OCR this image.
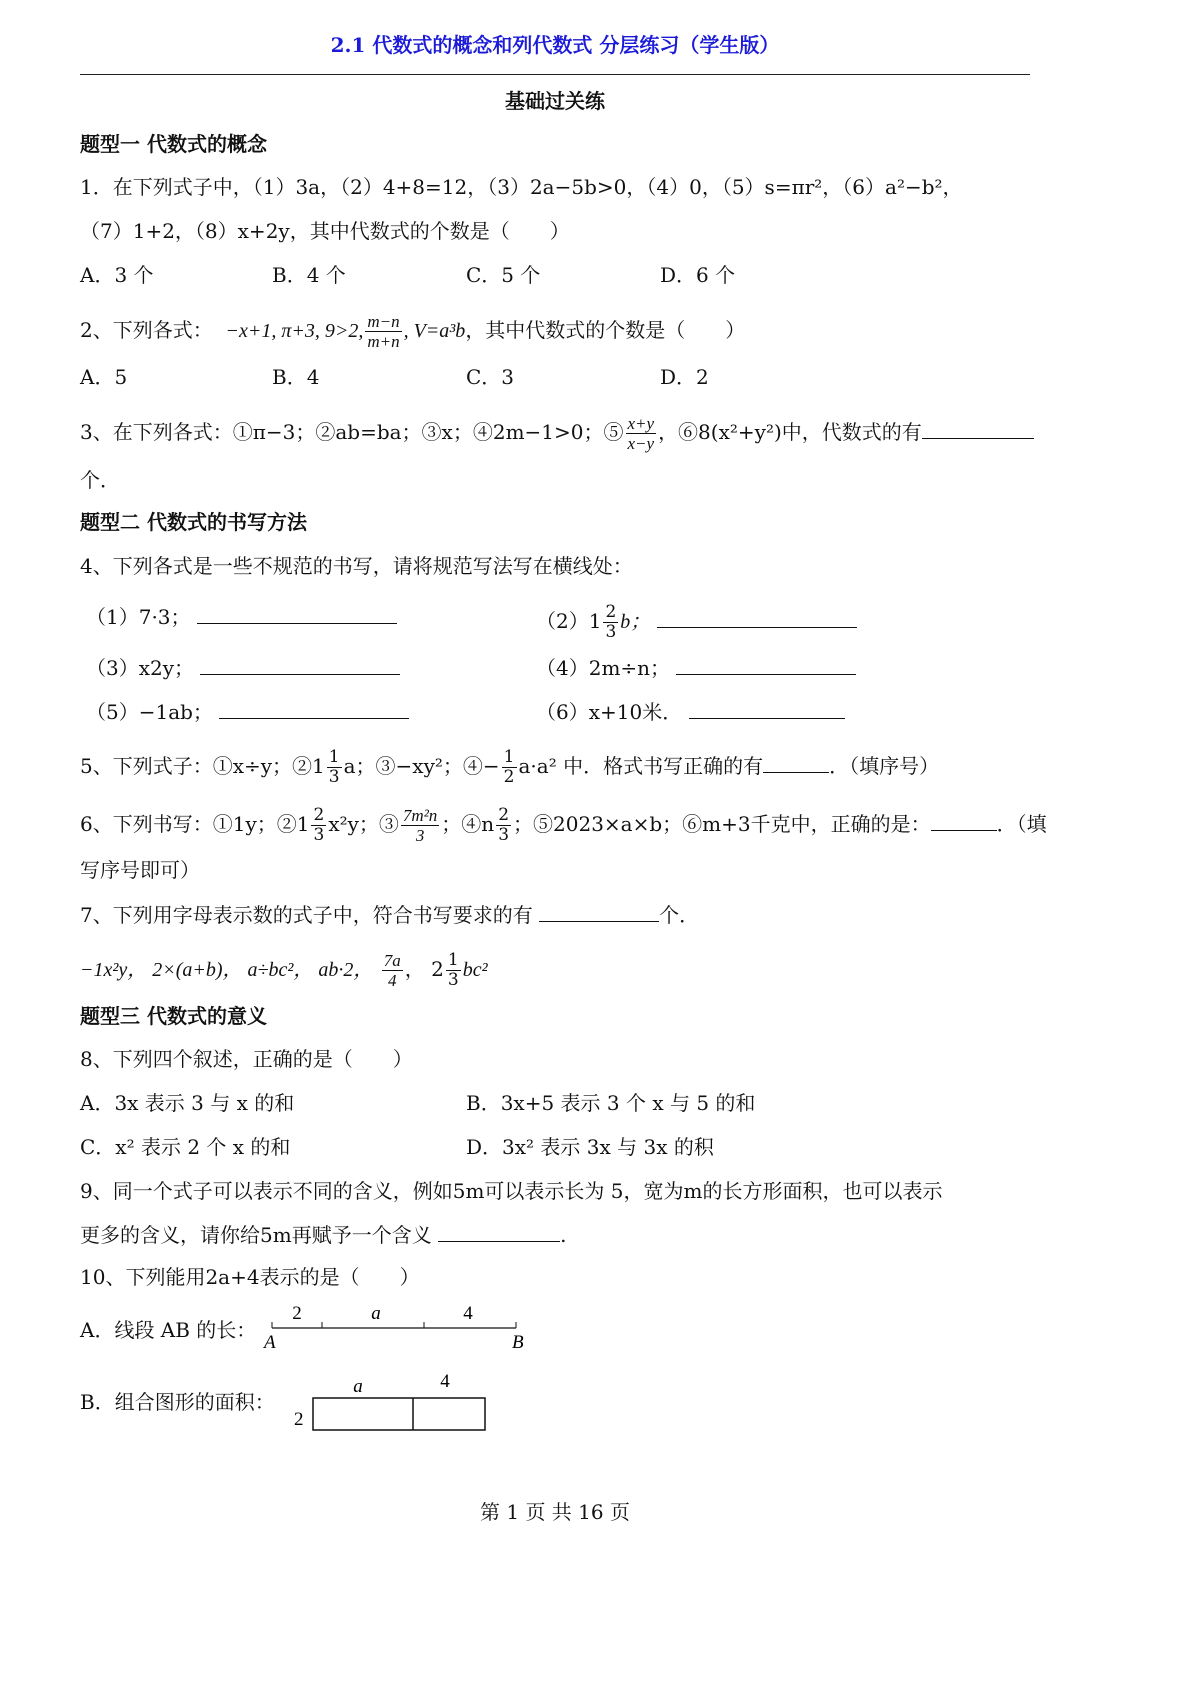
2.1 代数式的概念和列代数式 分层练习（学生版）
基础过关练
题型一 代数式的概念
1．在下列式子中，（1）3a，（2）4+8=12，（3）2a−5b>0，（4）0，（5）s=πr²，（6）a²−b²，
（7）1+2，（8）x+2y，其中代数式的个数是（　　）
A．3 个	B．4 个	C．5 个	D．6 个
2、下列各式： −x+1, π+3, 9>2, $\frac{m-n}{m+n}$ , V=a³b，其中代数式的个数是（　　）
A．5	B．4	C．3	D．2
3、在下列各式：①π−3；②ab=ba；③x；④2m−1>0；⑤ $\frac{x+y}{x-y}$ ，⑥8(x²+y²)中，代数式的有
个．
题型二 代数式的书写方法
4、下列各式是一些不规范的书写，请将规范写法写在横线处：
（1）7·3；	$(2)1 \frac{2}{3}$ b；
（3）x2y；	（4）2m÷n；
（5）−1ab；	（6）x+10米．
5、下列式子：①x÷y；②1 $\frac{1}{3}$ a；③−xy²；④− $\frac{1}{2} a\cdot a^2$ 中．格式书写正确的有	．（填序号）
6、下列书写：①1y；②1 $\frac{2}{3} x^2y$；③ $\frac{\text{7m²n}}{3}$ ；④n $\frac{2}{3}$ ；⑤2023×a×b；⑥m+3千克中，正确的是：	．（填
写序号即可）
7、下列用字母表示数的式子中，符合书写要求的有	个．
−1x²y， 2×(a+b)， a÷bc²， ab·2， $\frac{7a}{4}$ ， $2 \frac{1}{3} bc^2$
题型三 代数式的意义
8、下列四个叙述，正确的是（　　）
A．3x 表示 3 与 x 的和	B．3x+5 表示 3 个 x 与 5 的和
C．x² 表示 2 个 x 的和	D．3x² 表示 3x 与 3x 的积
9、同一个式子可以表示不同的含义，例如5m可以表示长为 5，宽为m的长方形面积，也可以表示
更多的含义，请你给5m再赋予一个含义	.
10、下列能用2a+4表示的是（　　）
A．线段 AB 的长：
2	a	4
A	B
B．组合图形的面积：
a	4
2
第 1 页 共 16 页
